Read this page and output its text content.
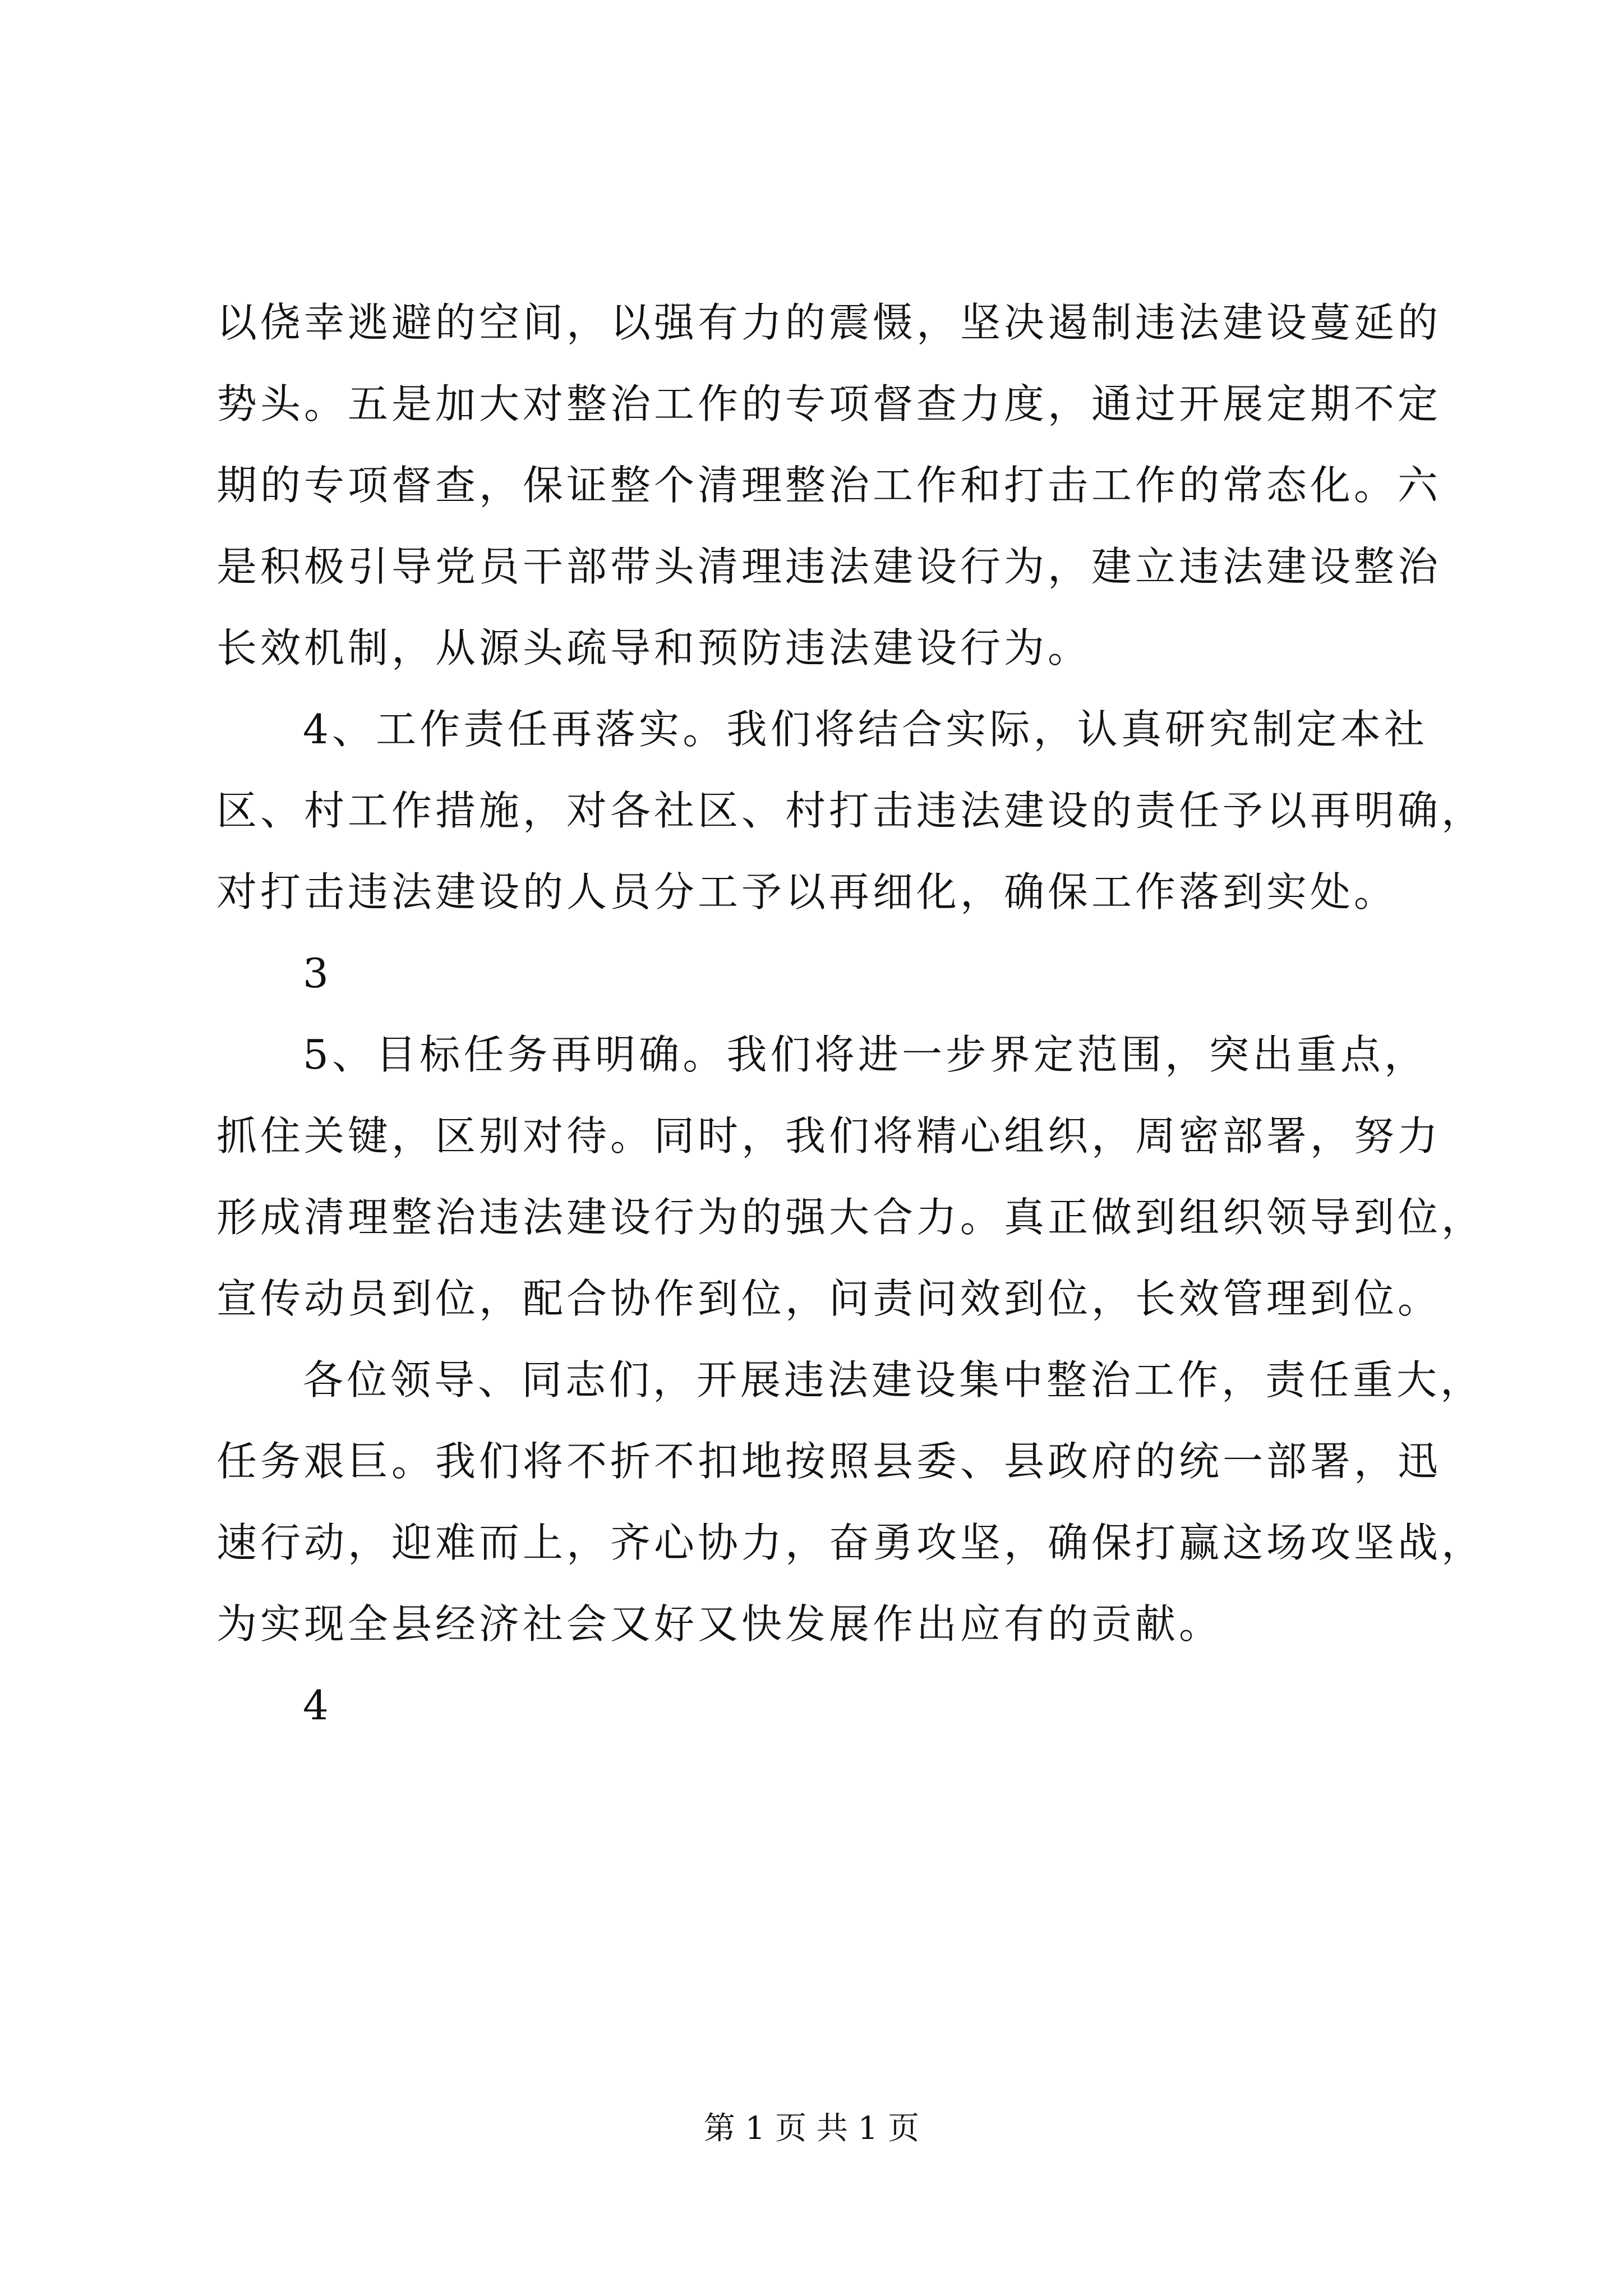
以侥幸逃避的空间，以强有力的震慑，坚决遏制违法建设蔓延的
势头。五是加大对整治工作的专项督查力度，通过开展定期不定
期的专项督查，保证整个清理整治工作和打击工作的常态化。六
是积极引导党员干部带头清理违法建设行为，建立违法建设整治
长效机制，从源头疏导和预防违法建设行为。
4、工作责任再落实。我们将结合实际，认真研究制定本社
区、村工作措施，对各社区、村打击违法建设的责任予以再明确，
对打击违法建设的人员分工予以再细化，确保工作落到实处。
3
5、目标任务再明确。我们将进一步界定范围，突出重点，
抓住关键，区别对待。同时，我们将精心组织，周密部署，努力
形成清理整治违法建设行为的强大合力。真正做到组织领导到位，
宣传动员到位，配合协作到位，问责问效到位，长效管理到位。
各位领导、同志们，开展违法建设集中整治工作，责任重大，
任务艰巨。我们将不折不扣地按照县委、县政府的统一部署，迅
速行动，迎难而上，齐心协力，奋勇攻坚，确保打赢这场攻坚战，
为实现全县经济社会又好又快发展作出应有的贡献。
4
第 1 页 共 1 页
